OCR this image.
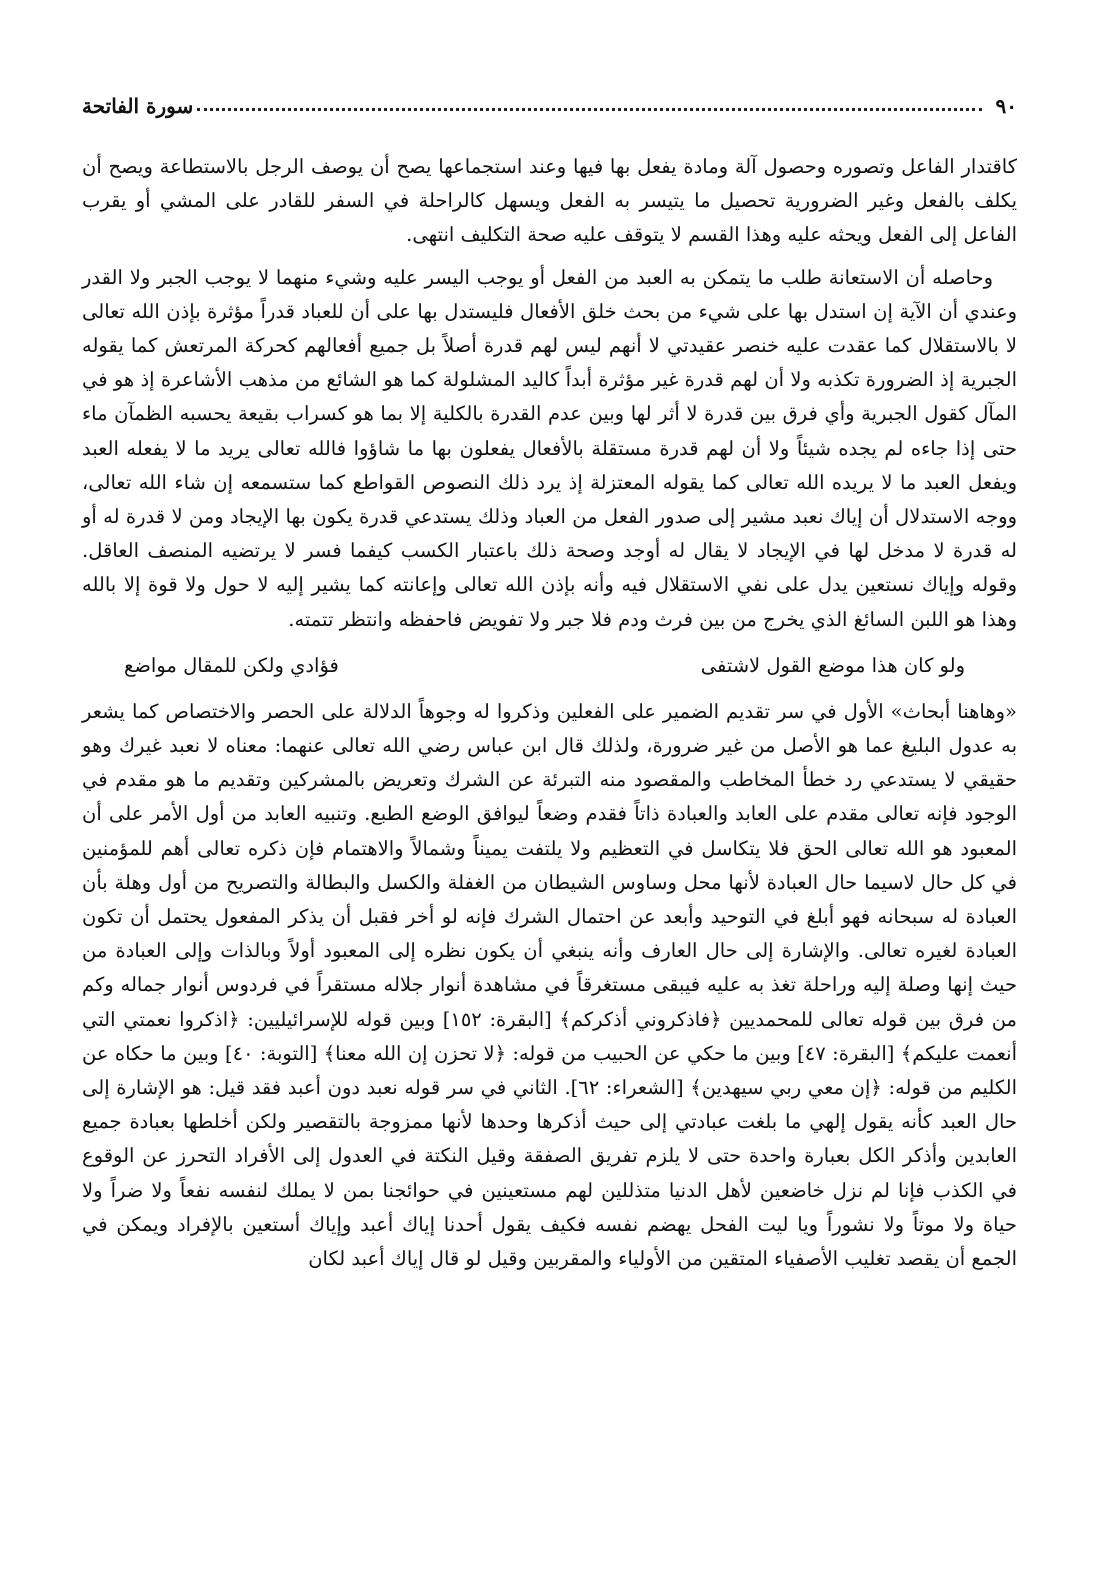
٩٠
سورة الفاتحة

كاقتدار الفاعل وتصوره وحصول آلة ومادة يفعل بها فيها وعند استجماعها يصح أن يوصف الرجل بالاستطاعة ويصح أن يكلف بالفعل وغير الضرورية تحصيل ما يتيسر به الفعل ويسهل كالراحلة في السفر للقادر على المشي أو يقرب الفاعل إلى الفعل ويحثه عليه وهذا القسم لا يتوقف عليه صحة التكليف انتهى.

وحاصله أن الاستعانة طلب ما يتمكن به العبد من الفعل أو يوجب اليسر عليه وشيء منهما لا يوجب الجبر ولا القدر وعندي أن الآية إن استدل بها على شيء من بحث خلق الأفعال فليستدل بها على أن للعباد قدراً مؤثرة بإذن الله تعالى لا بالاستقلال كما عقدت عليه خنصر عقيدتي لا أنهم ليس لهم قدرة أصلاً بل جميع أفعالهم كحركة المرتعش كما يقوله الجبرية إذ الضرورة تكذبه ولا أن لهم قدرة غير مؤثرة أبداً كاليد المشلولة كما هو الشائع من مذهب الأشاعرة إذ هو في المآل كقول الجبرية وأي فرق بين قدرة لا أثر لها وبين عدم القدرة بالكلية إلا بما هو كسراب بقيعة يحسبه الظمآن ماء حتى إذا جاءه لم يجده شيئاً ولا أن لهم قدرة مستقلة بالأفعال يفعلون بها ما شاؤوا فالله تعالى يريد ما لا يفعله العبد ويفعل العبد ما لا يريده الله تعالى كما يقوله المعتزلة إذ يرد ذلك النصوص القواطع كما ستسمعه إن شاء الله تعالى، ووجه الاستدلال أن إياك نعبد مشير إلى صدور الفعل من العباد وذلك يستدعي قدرة يكون بها الإيجاد ومن لا قدرة له أو له قدرة لا مدخل لها في الإيجاد لا يقال له أوجد وصحة ذلك باعتبار الكسب كيفما فسر لا يرتضيه المنصف العاقل. وقوله وإياك نستعين يدل على نفي الاستقلال فيه وأنه بإذن الله تعالى وإعانته كما يشير إليه لا حول ولا قوة إلا بالله وهذا هو اللبن السائغ الذي يخرج من بين فرث ودم فلا جبر ولا تفويض فاحفظه وانتظر تتمته.

ولو كان هذا موضع القول لاشتفى
فؤادي ولكن للمقال مواضع

«وهاهنا أبحاث» الأول في سر تقديم الضمير على الفعلين وذكروا له وجوهاً الدلالة على الحصر والاختصاص كما يشعر به عدول البليغ عما هو الأصل من غير ضرورة، ولذلك قال ابن عباس رضي الله تعالى عنهما: معناه لا نعبد غيرك وهو حقيقي لا يستدعي رد خطأ المخاطب والمقصود منه التبرئة عن الشرك وتعريض بالمشركين وتقديم ما هو مقدم في الوجود فإنه تعالى مقدم على العابد والعبادة ذاتاً فقدم وضعاً ليوافق الوضع الطبع. وتنبيه العابد من أول الأمر على أن المعبود هو الله تعالى الحق فلا يتكاسل في التعظيم ولا يلتفت يميناً وشمالاً والاهتمام فإن ذكره تعالى أهم للمؤمنين في كل حال لاسيما حال العبادة لأنها محل وساوس الشيطان من الغفلة والكسل والبطالة والتصريح من أول وهلة بأن العبادة له سبحانه فهو أبلغ في التوحيد وأبعد عن احتمال الشرك فإنه لو أخر فقبل أن يذكر المفعول يحتمل أن تكون العبادة لغيره تعالى. والإشارة إلى حال العارف وأنه ينبغي أن يكون نظره إلى المعبود أولاً وبالذات وإلى العبادة من حيث إنها وصلة إليه وراحلة تغذ به عليه فيبقى مستغرقاً في مشاهدة أنوار جلاله مستقراً في فردوس أنوار جماله وكم من فرق بين قوله تعالى للمحمديين ﴿فاذكروني أذكركم﴾ [البقرة: ١٥٢] وبين قوله للإسرائيليين: ﴿اذكروا نعمتي التي أنعمت عليكم﴾ [البقرة: ٤٧] وبين ما حكي عن الحبيب من قوله: ﴿لا تحزن إن الله معنا﴾ [التوبة: ٤٠] وبين ما حكاه عن الكليم من قوله: ﴿إن معي ربي سيهدين﴾ [الشعراء: ٦٢]. الثاني في سر قوله نعبد دون أعبد فقد قيل: هو الإشارة إلى حال العبد كأنه يقول إلهي ما بلغت عبادتي إلى حيث أذكرها وحدها لأنها ممزوجة بالتقصير ولكن أخلطها بعبادة جميع العابدين وأذكر الكل بعبارة واحدة حتى لا يلزم تفريق الصفقة وقيل النكتة في العدول إلى الأفراد التحرز عن الوقوع في الكذب فإنا لم نزل خاضعين لأهل الدنيا متذللين لهم مستعينين في حوائجنا بمن لا يملك لنفسه نفعاً ولا ضراً ولا حياة ولا موتاً ولا نشوراً ويا ليت الفحل يهضم نفسه فكيف يقول أحدنا إياك أعبد وإياك أستعين بالإفراد ويمكن في الجمع أن يقصد تغليب الأصفياء المتقين من الأولياء والمقربين وقيل لو قال إياك أعبد لكان
